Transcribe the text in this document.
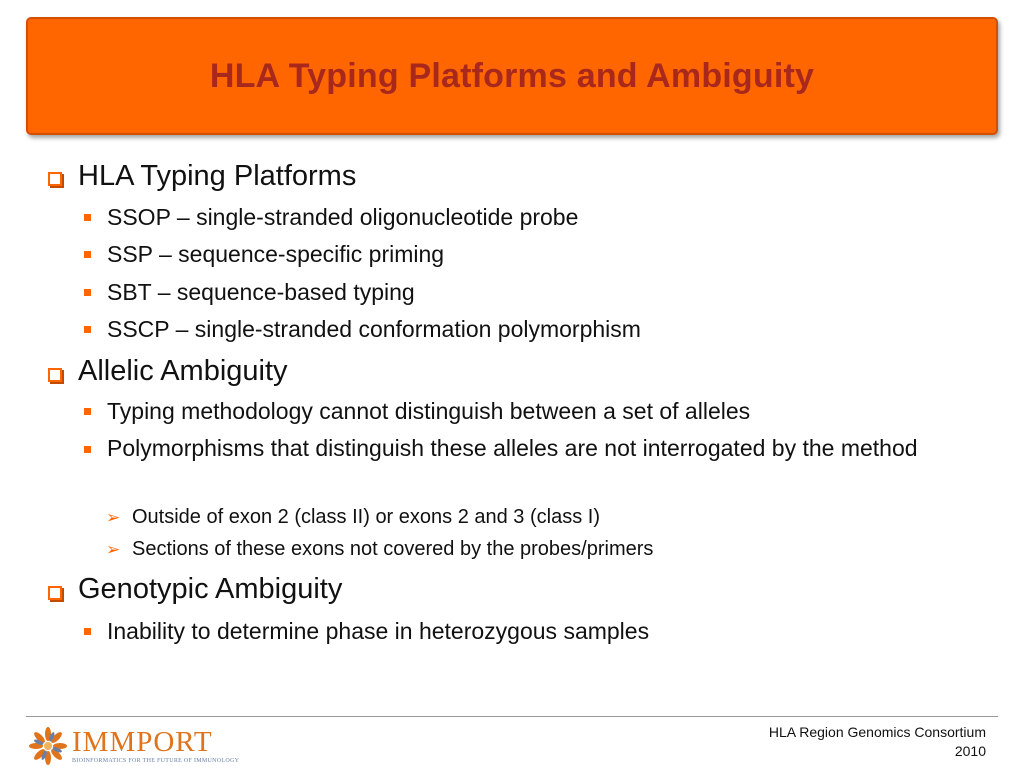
HLA Typing Platforms and Ambiguity
HLA Typing Platforms
SSOP – single-stranded oligonucleotide probe
SSP – sequence-specific priming
SBT – sequence-based typing
SSCP – single-stranded conformation polymorphism
Allelic Ambiguity
Typing methodology cannot distinguish between a set of alleles
Polymorphisms that distinguish these alleles are not interrogated by the method
➢ Outside of exon 2 (class II) or exons 2 and 3 (class I)
➢ Sections of these exons not covered by the probes/primers
Genotypic Ambiguity
Inability to determine phase in heterozygous samples
IMMPORT
BIOINFORMATICS FOR THE FUTURE OF IMMUNOLOGY
HLA Region Genomics Consortium
2010
